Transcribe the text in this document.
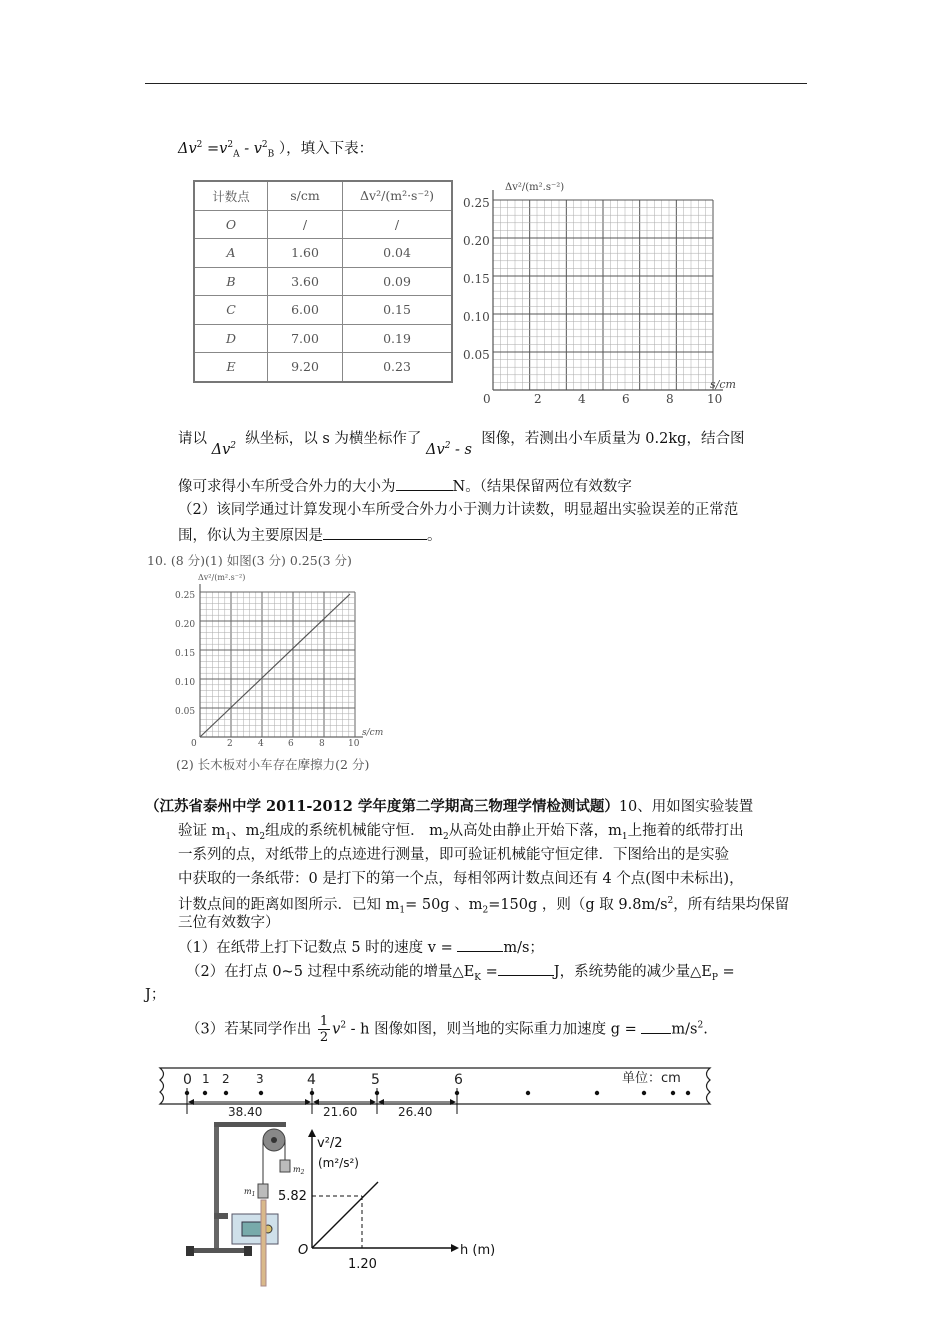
$\Delta v^2 =v^2_A - v^2_B$ ），填入下表：
计数点	s/cm	Δv²/(m²·s⁻²)
O	/	/
A	1.60	0.04
B	3.60	0.09
C	6.00	0.15
D	7.00	0.19
E	9.20	0.23
Δv²/(m².s⁻²)
s/cm
0.25
0.20
0.15
0.10
0.05
0	2	4	6	8	10
请以 $\Delta v^2$ 纵坐标，以 s 为横坐标作了 $\Delta v^2$ - s  图像，若测出小车质量为 0.2kg，结合图
像可求得小车所受合外力的大小为	N。（结果保留两位有效数字
（2）该同学通过计算发现小车所受合外力小于测力计读数，明显超出实验误差的正常范
围，你认为主要原因是	。
10. (8 分)(1) 如图(3 分) 0.25(3 分)
Δv²/(m².s⁻²)
s/cm
0.25
0.20
0.15
0.10
0.05
0	2	4	6	8	10
(2) 长木板对小车存在摩擦力(2 分)
（江苏省泰州中学 2011-2012 学年度第二学期高三物理学情检测试题）10、用如图实验装置
验证 $m_1$、$m_2$组成的系统机械能守恒． $m_2$从高处由静止开始下落，$m_1$上拖着的纸带打出
一系列的点，对纸带上的点迹进行测量，即可验证机械能守恒定律．下图给出的是实验
中获取的一条纸带：0 是打下的第一个点，每相邻两计数点间还有 4 个点(图中未标出)，
计数点间的距离如图所示．已知 $m_1= 50g$ 、$m_2=150g$ ，则（g 取 $9.8m/s^2$，所有结果均保留
三位有效数字）
（1）在纸带上打下记数点 5 时的速度 v =	m/s；
（2）在打点 0~5 过程中系统动能的增量$\triangle E_K$ =	J，系统势能的减少量$\triangle E_P$ =
J；
（3）若某同学作出 $\frac{1}{2} v^2$ - h 图像如图，则当地的实际重力加速度 $g = m/s^2$.
0 1 2 3	4	5	6	单位：cm
38.40	21.60	26.40
$m_2$
$m_1$
v²/2
(m²/s²)
5.82
O
1.20
h (m)
